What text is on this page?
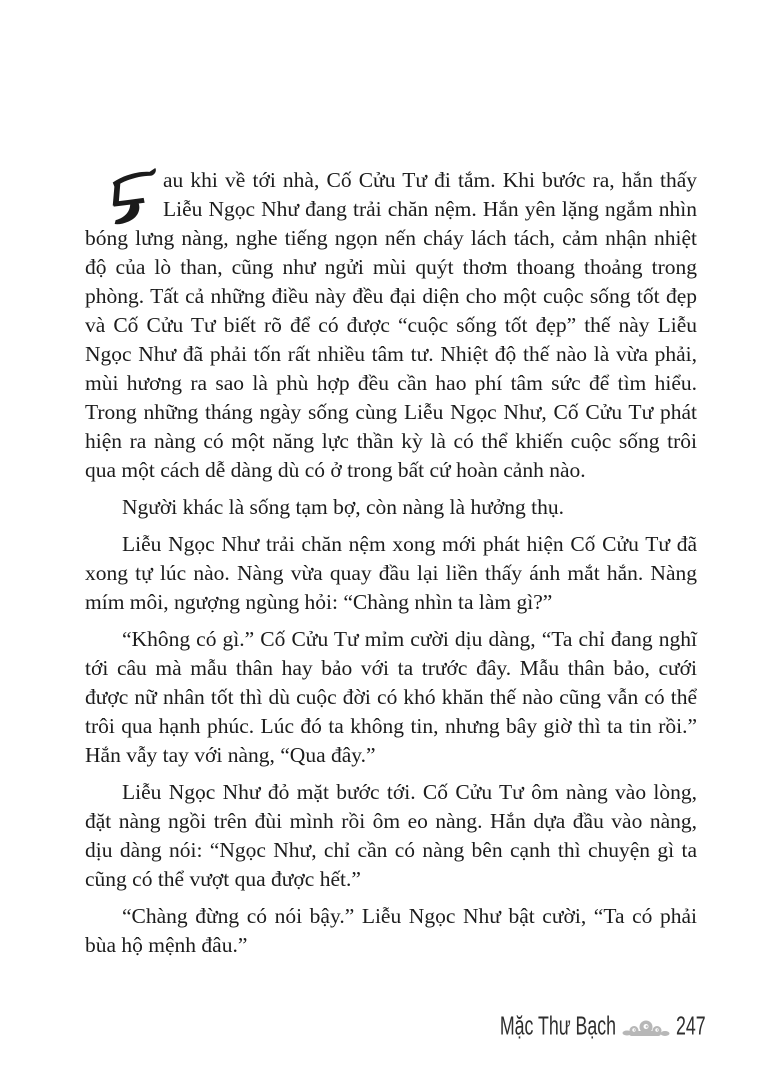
au khi về tới nhà, Cố Cửu Tư đi tắm. Khi bước ra, hắn thấy Liễu Ngọc Như đang trải chăn nệm. Hắn yên lặng ngắm nhìn bóng lưng nàng, nghe tiếng ngọn nến cháy lách tách, cảm nhận nhiệt độ của lò than, cũng như ngửi mùi quýt thơm thoang thoảng trong phòng. Tất cả những điều này đều đại diện cho một cuộc sống tốt đẹp và Cố Cửu Tư biết rõ để có được “cuộc sống tốt đẹp” thế này Liễu Ngọc Như đã phải tốn rất nhiều tâm tư. Nhiệt độ thế nào là vừa phải, mùi hương ra sao là phù hợp đều cần hao phí tâm sức để tìm hiểu. Trong những tháng ngày sống cùng Liễu Ngọc Như, Cố Cửu Tư phát hiện ra nàng có một năng lực thần kỳ là có thể khiến cuộc sống trôi qua một cách dễ dàng dù có ở trong bất cứ hoàn cảnh nào.

Người khác là sống tạm bợ, còn nàng là hưởng thụ.

Liễu Ngọc Như trải chăn nệm xong mới phát hiện Cố Cửu Tư đã xong tự lúc nào. Nàng vừa quay đầu lại liền thấy ánh mắt hắn. Nàng mím môi, ngượng ngùng hỏi: “Chàng nhìn ta làm gì?”

“Không có gì.” Cố Cửu Tư mỉm cười dịu dàng, “Ta chỉ đang nghĩ tới câu mà mẫu thân hay bảo với ta trước đây. Mẫu thân bảo, cưới được nữ nhân tốt thì dù cuộc đời có khó khăn thế nào cũng vẫn có thể trôi qua hạnh phúc. Lúc đó ta không tin, nhưng bây giờ thì ta tin rồi.” Hắn vẫy tay với nàng, “Qua đây.”

Liễu Ngọc Như đỏ mặt bước tới. Cố Cửu Tư ôm nàng vào lòng, đặt nàng ngồi trên đùi mình rồi ôm eo nàng. Hắn dựa đầu vào nàng, dịu dàng nói: “Ngọc Như, chỉ cần có nàng bên cạnh thì chuyện gì ta cũng có thể vượt qua được hết.”

“Chàng đừng có nói bậy.” Liễu Ngọc Như bật cười, “Ta có phải bùa hộ mệnh đâu.”

Mặc Thư Bạch	247
